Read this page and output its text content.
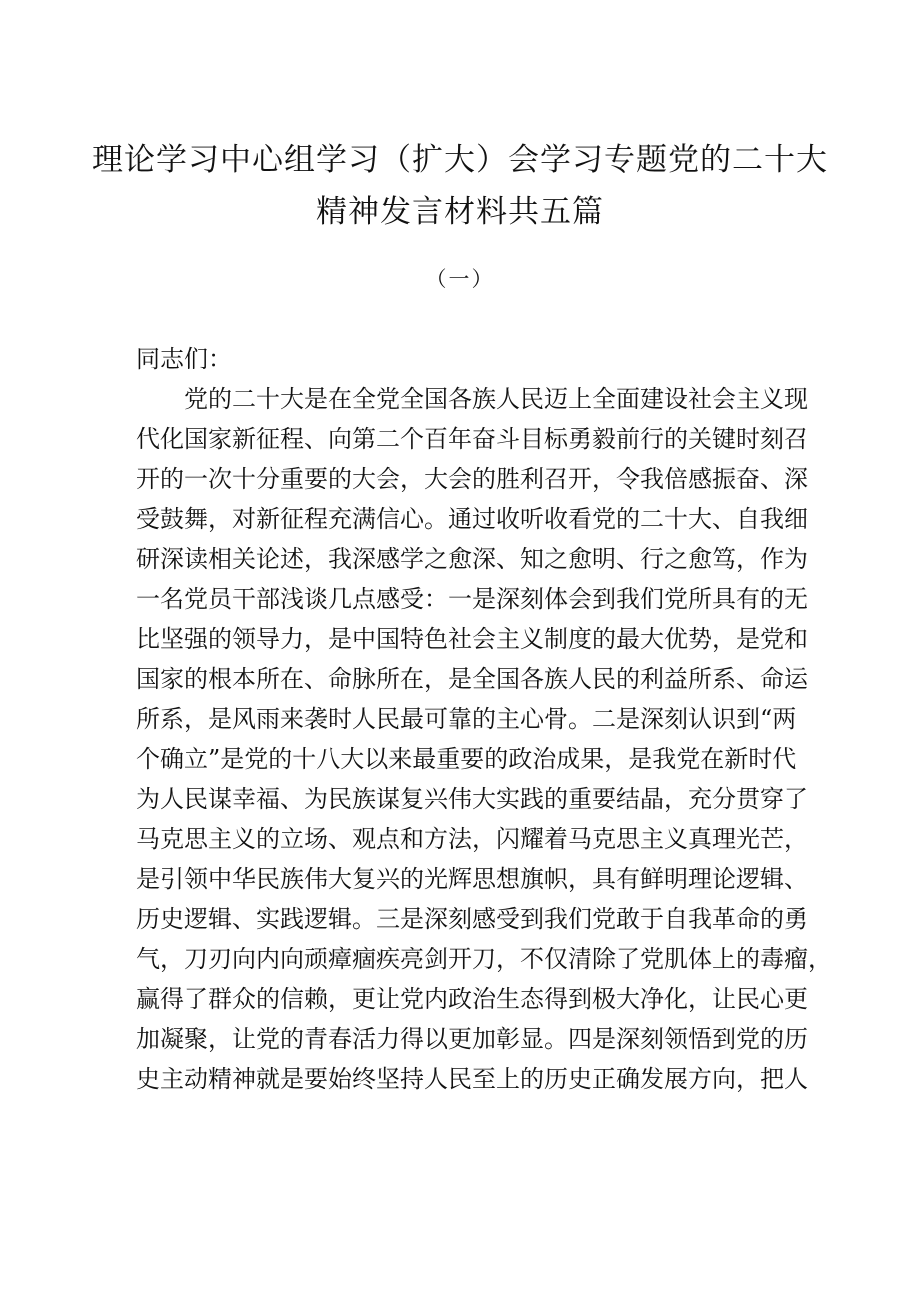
理论学习中心组学习（扩大）会学习专题党的二十大
精神发言材料共五篇
（一）

同志们：

党的二十大是在全党全国各族人民迈上全面建设社会主义现

代化国家新征程、向第二个百年奋斗目标勇毅前行的关键时刻召

开的一次十分重要的大会，大会的胜利召开，令我倍感振奋、深

受鼓舞，对新征程充满信心。通过收听收看党的二十大、自我细

研深读相关论述，我深感学之愈深、知之愈明、行之愈笃，作为

一名党员干部浅谈几点感受：一是深刻体会到我们党所具有的无

比坚强的领导力，是中国特色社会主义制度的最大优势，是党和

国家的根本所在、命脉所在，是全国各族人民的利益所系、命运

所系，是风雨来袭时人民最可靠的主心骨。二是深刻认识到“两

个确立”是党的十八大以来最重要的政治成果，是我党在新时代

为人民谋幸福、为民族谋复兴伟大实践的重要结晶，充分贯穿了

马克思主义的立场、观点和方法，闪耀着马克思主义真理光芒，

是引领中华民族伟大复兴的光辉思想旗帜，具有鲜明理论逻辑、

历史逻辑、实践逻辑。三是深刻感受到我们党敢于自我革命的勇

气，刀刃向内向顽瘴痼疾亮剑开刀，不仅清除了党肌体上的毒瘤，

赢得了群众的信赖，更让党内政治生态得到极大净化，让民心更

加凝聚，让党的青春活力得以更加彰显。四是深刻领悟到党的历

史主动精神就是要始终坚持人民至上的历史正确发展方向，把人
